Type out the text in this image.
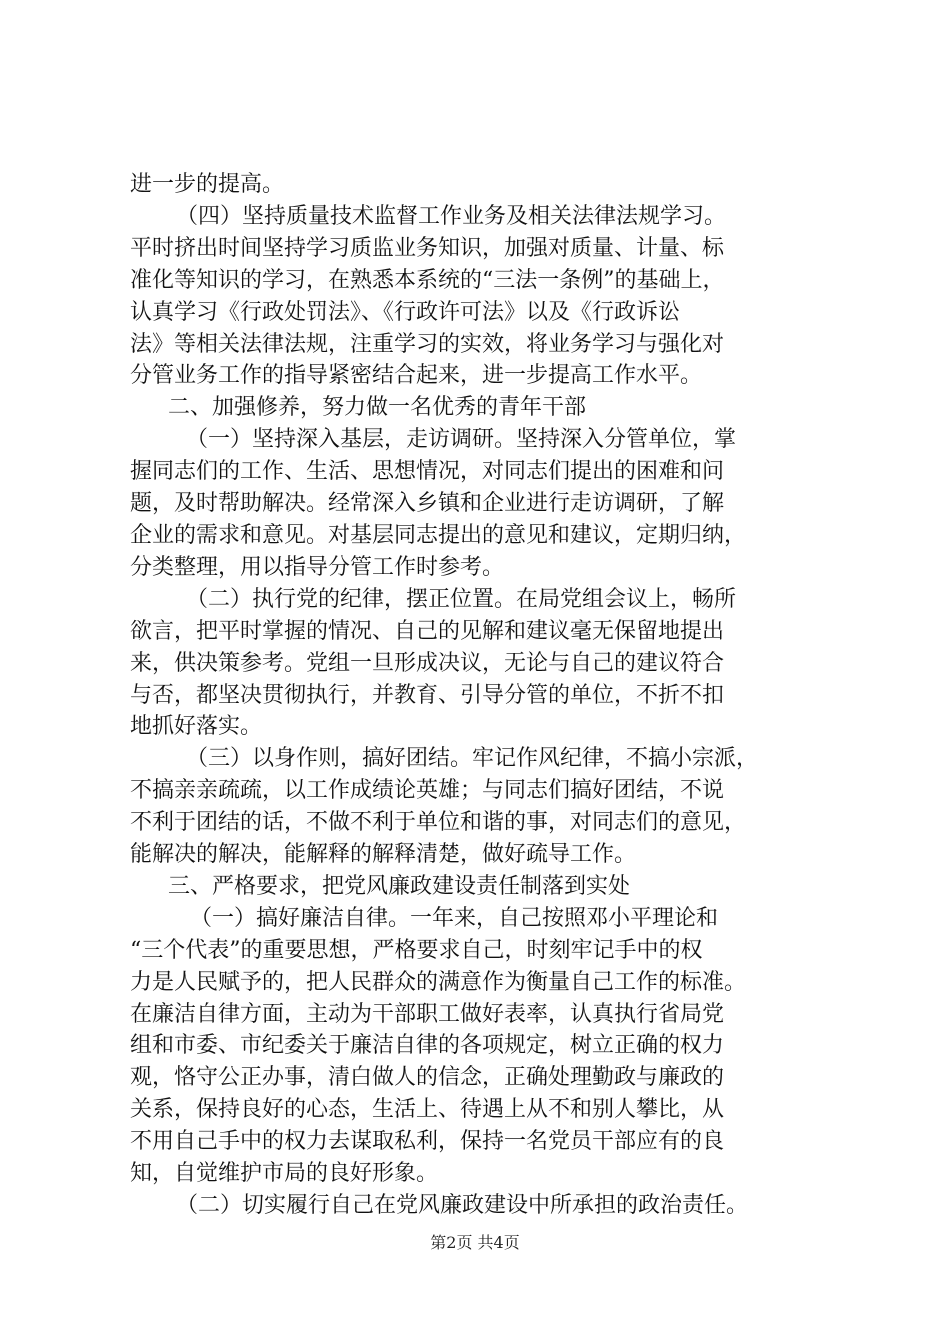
进一步的提高。
（四）坚持质量技术监督工作业务及相关法律法规学习。
平时挤出时间坚持学习质监业务知识，加强对质量、计量、标
准化等知识的学习，在熟悉本系统的“三法一条例”的基础上，
认真学习《行政处罚法》、《行政许可法》以及《行政诉讼
法》等相关法律法规，注重学习的实效，将业务学习与强化对
分管业务工作的指导紧密结合起来，进一步提高工作水平。
二、加强修养，努力做一名优秀的青年干部
（一）坚持深入基层，走访调研。坚持深入分管单位，掌
握同志们的工作、生活、思想情况，对同志们提出的困难和问
题，及时帮助解决。经常深入乡镇和企业进行走访调研，了解
企业的需求和意见。对基层同志提出的意见和建议，定期归纳，
分类整理，用以指导分管工作时参考。
（二）执行党的纪律，摆正位置。在局党组会议上，畅所
欲言，把平时掌握的情况、自己的见解和建议毫无保留地提出
来，供决策参考。党组一旦形成决议，无论与自己的建议符合
与否，都坚决贯彻执行，并教育、引导分管的单位，不折不扣
地抓好落实。
（三）以身作则，搞好团结。牢记作风纪律，不搞小宗派，
不搞亲亲疏疏，以工作成绩论英雄；与同志们搞好团结，不说
不利于团结的话，不做不利于单位和谐的事，对同志们的意见，
能解决的解决，能解释的解释清楚，做好疏导工作。
三、严格要求，把党风廉政建设责任制落到实处
（一）搞好廉洁自律。一年来，自己按照邓小平理论和
“三个代表”的重要思想，严格要求自己，时刻牢记手中的权
力是人民赋予的，把人民群众的满意作为衡量自己工作的标准。
在廉洁自律方面，主动为干部职工做好表率，认真执行省局党
组和市委、市纪委关于廉洁自律的各项规定，树立正确的权力
观，恪守公正办事，清白做人的信念，正确处理勤政与廉政的
关系，保持良好的心态，生活上、待遇上从不和别人攀比，从
不用自己手中的权力去谋取私利，保持一名党员干部应有的良
知，自觉维护市局的良好形象。
（二）切实履行自己在党风廉政建设中所承担的政治责任。
第2页 共4页
